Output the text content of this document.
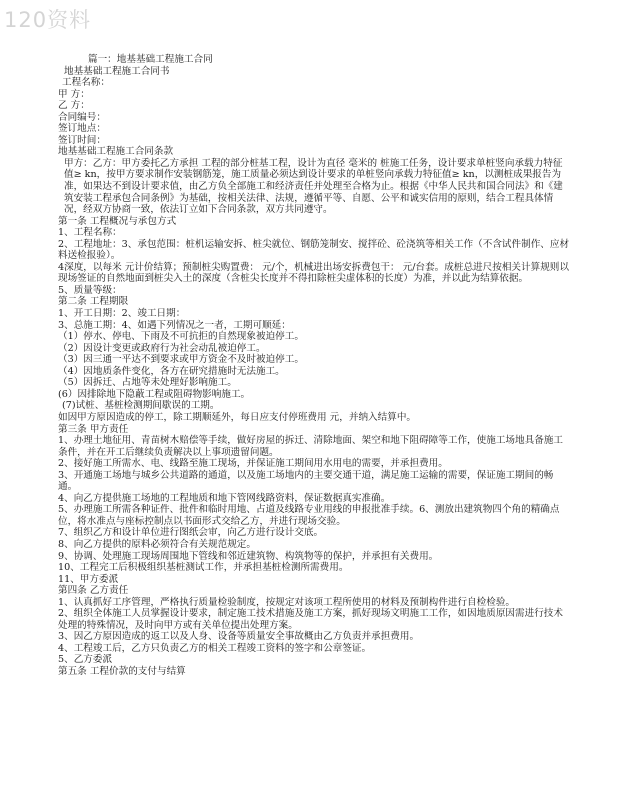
120资料

篇一：地基基础工程施工合同

地基基础工程施工合同书

工程名称：

甲 方：

乙 方：

合同编号：

签订地点：

签订时间：

地基基础工程施工合同条款

甲方：乙方：甲方委托乙方承担 工程的部分桩基工程，设计为直径 毫米的 桩施工任务，设计要求单桩竖向承载力特征值≥ kn，按甲方要求制作安装钢筋笼，施工质量必须达到设计要求的单桩竖向承载力特征值≥ kn，以测桩成果报告为准，如果达不到设计要求值，由乙方负全部施工和经济责任并处理至合格为止。根据《中华人民共和国合同法》和《建筑安装工程承包合同条例》为基础，按相关法律、法规，遵循平等、自愿、公平和诚实信用的原则，结合工程具体情况，经双方协商一致，依法订立如下合同条款，双方共同遵守。

第一条 工程概况与承包方式

1、工程名称：

2、工程地址：3、承包范围：桩机运输安拆、桩尖就位、钢筋笼制安、搅拌砼、砼浇筑等相关工作（不含试件制作、应材料送检报验）。

4深度，以每米 元计价结算；预制桩尖购置费： 元/个，机械进出场安拆费包干： 元/台套。成桩总进尺按相关计算规则以现场签证的自然地面到桩尖入土的深度（含桩尖长度并不得扣除桩尖虚体积的长度）为准，并以此为结算依据。

5、质量等级：

第二条 工程期限

1、开工日期：2、竣工日期：

3、总施工期：4、如遇下列情况之一者，工期可顺延：

（1）停水、停电、下雨及不可抗拒的自然现象被迫停工。

（2）因设计变更或政府行为社会动乱被迫停工。

（3）因三通一平达不到要求或甲方资金不及时被迫停工。

（4）因地质条件变化，各方在研究措施时无法施工。

（5）因拆迁、占地等未处理好影响施工。

(6）因排除地下隐蔽工程或阻碍物影响施工。

(7)试桩、基桩检测期间歇误的工期。

如因甲方原因造成的停工，除工期顺延外，每日应支付停班费用 元，并纳入结算中。

第三条 甲方责任

1、办理土地征用、青苗树木赔偿等手续，做好房屋的拆迁、清除地面、架空和地下阻碍障等工作，使施工场地具备施工条件，并在开工后继续负责解决以上事项遗留问题。

2、接好施工所需水、电、线路至施工现场，并保证施工期间用水用电的需要，并承担费用。

3、开通施工场地与城乡公共道路的通道，以及施工场地内的主要交通干道，满足施工运输的需要，保证施工期间的畅通。

4、向乙方提供施工场地的工程地质和地下管网线路资料，保证数据真实准确。

5、办理施工所需各种证件、批件和临时用地、占道及线路专业用线的申报批准手续。6、测放出建筑物四个角的精确点位，将水准点与座标控制点以书面形式交给乙方，并进行现场交验。

7、组织乙方和设计单位进行图纸会审，向乙方进行设计交底。

8、向乙方提供的原料必须符合有关规范规定。

9、协调、处理施工现场周围地下管线和邻近建筑物、构筑物等的保护，并承担有关费用。

10、工程完工后积极组织基桩测试工作，并承担基桩检测所需费用。

11、甲方委派

第四条 乙方责任

1、认真抓好工序管理，严格执行质量检验制度，按规定对该项工程所使用的材料及预制构件进行自检检验。

2、组织全体施工人员掌握设计要求，制定施工技术措施及施工方案，抓好现场文明施工工作，如因地质原因需进行技术处理的特殊情况，及时向甲方或有关单位提出处理方案。

3、因乙方原因造成的返工以及人身、设备等质量安全事故概由乙方负责并承担费用。

4、工程竣工后，乙方只负责乙方的相关工程竣工资料的签字和公章签证。

5、乙方委派

第五条 工程价款的支付与结算
